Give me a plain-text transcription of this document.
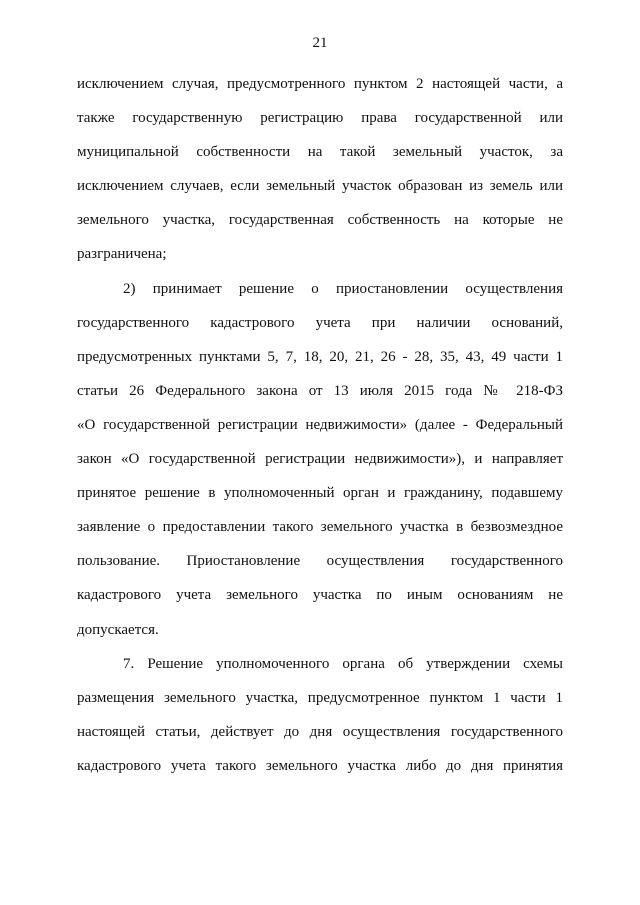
21
исключением случая, предусмотренного пунктом 2 настоящей части, а
также государственную регистрацию права государственной или
муниципальной собственности на такой земельный участок, за
исключением случаев, если земельный участок образован из земель или
земельного участка, государственная собственность на которые не
разграничена;
2) принимает решение о приостановлении осуществления
государственного кадастрового учета при наличии оснований,
предусмотренных пунктами 5, 7, 18, 20, 21, 26 - 28, 35, 43, 49 части 1
статьи 26 Федерального закона от 13 июля 2015 года № 218-ФЗ
«О государственной регистрации недвижимости» (далее - Федеральный
закон «О государственной регистрации недвижимости»), и направляет
принятое решение в уполномоченный орган и гражданину, подавшему
заявление о предоставлении такого земельного участка в безвозмездное
пользование. Приостановление осуществления государственного
кадастрового учета земельного участка по иным основаниям не
допускается.
7. Решение уполномоченного органа об утверждении схемы
размещения земельного участка, предусмотренное пунктом 1 части 1
настоящей статьи, действует до дня осуществления государственного
кадастрового учета такого земельного участка либо до дня принятия
